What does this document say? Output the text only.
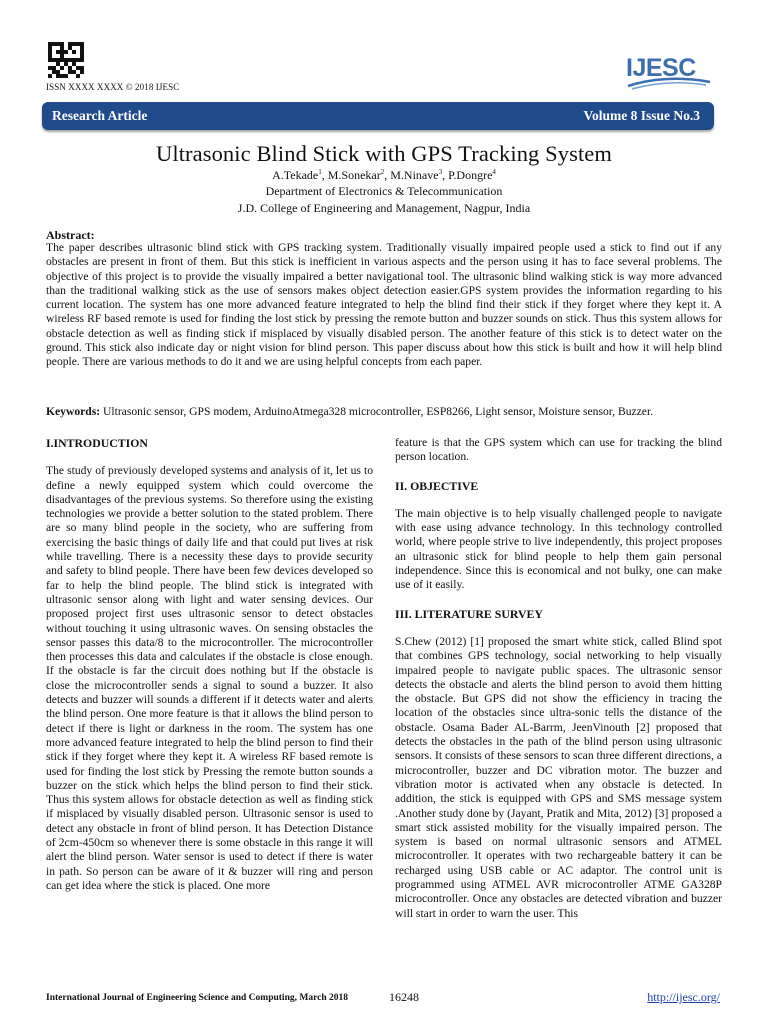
ISSN XXXX XXXX © 2018 IJESC
IJESC
Research Article	Volume 8 Issue No.3
Ultrasonic Blind Stick with GPS Tracking System
A.Tekade$^1$, M.Sonekar$^2$, M.Ninave$^3$, P.Dongre$^4$
Department of Electronics & Telecommunication
J.D. College of Engineering and Management, Nagpur, India
Abstract:
The paper describes ultrasonic blind stick with GPS tracking system. Traditionally visually impaired people used a stick to find out if any obstacles are present in front of them. But this stick is inefficient in various aspects and the person using it has to face several problems. The objective of this project is to provide the visually impaired a better navigational tool. The ultrasonic blind walking stick is way more advanced than the traditional walking stick as the use of sensors makes object detection easier.GPS system provides the information regarding to his current location. The system has one more advanced feature integrated to help the blind find their stick if they forget where they kept it. A wireless RF based remote is used for finding the lost stick by pressing the remote button and buzzer sounds on stick. Thus this system allows for obstacle detection as well as finding stick if misplaced by visually disabled person. The another feature of this stick is to detect water on the ground. This stick also indicate day or night vision for blind person. This paper discuss about how this stick is built and how it will help blind people. There are various methods to do it and we are using helpful concepts from each paper.
Keywords: Ultrasonic sensor, GPS modem, ArduinoAtmega328 microcontroller, ESP8266, Light sensor, Moisture sensor, Buzzer.
I.INTRODUCTION
The study of previously developed systems and analysis of it, let us to define a newly equipped system which could overcome the disadvantages of the previous systems. So therefore using the existing technologies we provide a better solution to the stated problem. There are so many blind people in the society, who are suffering from exercising the basic things of daily life and that could put lives at risk while travelling. There is a necessity these days to provide security and safety to blind people. There have been few devices developed so far to help the blind people. The blind stick is integrated with ultrasonic sensor along with light and water sensing devices. Our proposed project first uses ultrasonic sensor to detect obstacles without touching it using ultrasonic waves. On sensing obstacles the sensor passes this data/8 to the microcontroller. The microcontroller then processes this data and calculates if the obstacle is close enough. If the obstacle is far the circuit does nothing but If the obstacle is close the microcontroller sends a signal to sound a buzzer. It also detects and buzzer will sounds a different if it detects water and alerts the blind person. One more feature is that it allows the blind person to detect if there is light or darkness in the room. The system has one more advanced feature integrated to help the blind person to find their stick if they forget where they kept it. A wireless RF based remote is used for finding the lost stick by Pressing the remote button sounds a buzzer on the stick which helps the blind person to find their stick. Thus this system allows for obstacle detection as well as finding stick if misplaced by visually disabled person. Ultrasonic sensor is used to detect any obstacle in front of blind person. It has Detection Distance of 2cm-450cm so whenever there is some obstacle in this range it will alert the blind person. Water sensor is used to detect if there is water in path. So person can be aware of it & buzzer will ring and person can get idea where the stick is placed. One more
feature is that the GPS system which can use for tracking the blind person location.
II. OBJECTIVE
The main objective is to help visually challenged people to navigate with ease using advance technology. In this technology controlled world, where people strive to live independently, this project proposes an ultrasonic stick for blind people to help them gain personal independence. Since this is economical and not bulky, one can make use of it easily.
III. LITERATURE SURVEY
S.Chew (2012) [1] proposed the smart white stick, called Blind spot that combines GPS technology, social networking to help visually impaired people to navigate public spaces. The ultrasonic sensor detects the obstacle and alerts the blind person to avoid them hitting the obstacle. But GPS did not show the efficiency in tracing the location of the obstacles since ultra-sonic tells the distance of the obstacle. Osama Bader AL-Barrm, JeenVinouth [2] proposed that detects the obstacles in the path of the blind person using ultrasonic sensors. It consists of these sensors to scan three different directions, a microcontroller, buzzer and DC vibration motor. The buzzer and vibration motor is activated when any obstacle is detected. In addition, the stick is equipped with GPS and SMS message system .Another study done by (Jayant, Pratik and Mita, 2012) [3] proposed a smart stick assisted mobility for the visually impaired person. The system is based on normal ultrasonic sensors and ATMEL microcontroller. It operates with two rechargeable battery it can be recharged using USB cable or AC adaptor. The control unit is programmed using ATMEL AVR microcontroller ATME GA328P microcontroller. Once any obstacles are detected vibration and buzzer will start in order to warn the user. This
International Journal of Engineering Science and Computing, March 2018	16248	http://ijesc.org/
